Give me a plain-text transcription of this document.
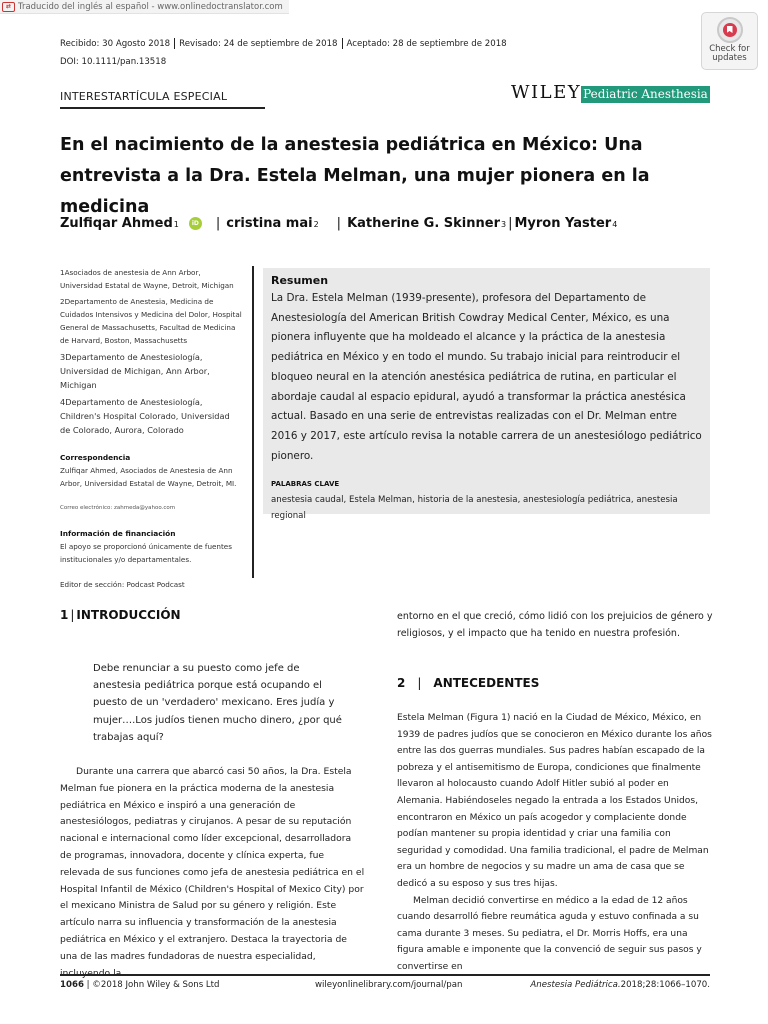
⇄ Traducido del inglés al español - www.onlinedoctranslator.com
Check for
updates
Recibido: 30 Agosto 2018 Revisado: 24 de septiembre de 2018 Aceptado: 28 de septiembre de 2018
DOI: 10.1111/pan.13518
INTERESTARTÍCULA ESPECIAL	WILEY Pediatric Anesthesia
En el nacimiento de la anestesia pediátrica en México: Una entrevista a la Dra. Estela Melman, una mujer pionera en la medicina
Zulfiqar Ahmed 1	iD | cristina mai 2 | Katherine G. Skinner 3 | Myron Yaster 4
1Asociados de anestesia de Ann Arbor, Universidad Estatal de Wayne, Detroit, Michigan
2Departamento de Anestesia, Medicina de Cuidados Intensivos y Medicina del Dolor, Hospital General de Massachusetts, Facultad de Medicina de Harvard, Boston, Massachusetts
3Departamento de Anestesiología, Universidad de Michigan, Ann Arbor, Michigan
4Departamento de Anestesiología, Children's Hospital Colorado, Universidad de Colorado, Aurora, Colorado
Correspondencia
Zulfiqar Ahmed, Asociados de Anestesia de Ann Arbor, Universidad Estatal de Wayne, Detroit, MI.
Correo electrónico: zahmeda@yahoo.com
Información de financiación
El apoyo se proporcionó únicamente de fuentes institucionales y/o departamentales.
Editor de sección: Podcast Podcast
Resumen
La Dra. Estela Melman (1939-presente), profesora del Departamento de Anestesiología del American British Cowdray Medical Center, México, es una pionera influyente que ha moldeado el alcance y la práctica de la anestesia pediátrica en México y en todo el mundo. Su trabajo inicial para reintroducir el bloqueo neural en la atención anestésica pediátrica de rutina, en particular el abordaje caudal al espacio epidural, ayudó a transformar la práctica anestésica actual. Basado en una serie de entrevistas realizadas con el Dr. Melman entre 2016 y 2017, este artículo revisa la notable carrera de un anestesiólogo pediátrico pionero.
PALABRAS CLAVE
anestesia caudal, Estela Melman, historia de la anestesia, anestesiología pediátrica, anestesia regional
1 | INTRODUCCIÓN
Debe renunciar a su puesto como jefe de anestesia pediátrica porque está ocupando el puesto de un 'verdadero' mexicano. Eres judía y mujer….Los judíos tienen mucho dinero, ¿por qué trabajas aquí?
Durante una carrera que abarcó casi 50 años, la Dra. Estela Melman fue pionera en la práctica moderna de la anestesia pediátrica en México e inspiró a una generación de anestesiólogos, pediatras y cirujanos. A pesar de su reputación nacional e internacional como líder excepcional, desarrolladora de programas, innovadora, docente y clínica experta, fue relevada de sus funciones como jefa de anestesia pediátrica en el Hospital Infantil de México (Children's Hospital of Mexico City) por el mexicano Ministra de Salud por su género y religión. Este artículo narra su influencia y transformación de la anestesia pediátrica en México y el extranjero. Destaca la trayectoria de una de las madres fundadoras de nuestra especialidad,
entorno en el que creció, cómo lidió con los prejuicios de género y religiosos, y el impacto que ha tenido en nuestra profesión.
2 | ANTECEDENTES

Estela Melman (Figura 1) nació en la Ciudad de México, México, en 1939 de padres judíos que se conocieron en México durante los años entre las dos guerras mundiales. Sus padres habían escapado de la pobreza y el antisemitismo de Europa, condiciones que finalmente llevaron al holocausto cuando Adolf Hitler subió al poder en Alemania. Habiéndoseles negado la entrada a los Estados Unidos, encontraron en México un país acogedor y complaciente donde podían mantener su propia identidad y criar una familia con seguridad y comodidad. Una familia tradicional, el padre de Melman era un hombre de negocios y su madre un ama de casa que se dedicó a su esposo y sus tres hijas.

Melman decidió convertirse en médico a la edad de 12 años cuando desarrolló fiebre reumática aguda y estuvo confinada a su cama durante 3 meses. Su pediatra, el Dr. Morris Hoffs, era una figura amable e imponente que la convenció de seguir sus pasos y convertirse en

1066 | ©2018 John Wiley & Sons Ltd	wileyonlinelibrary.com/journal/pan	Anestesia Pediátrica.2018;28:1066–1070.
